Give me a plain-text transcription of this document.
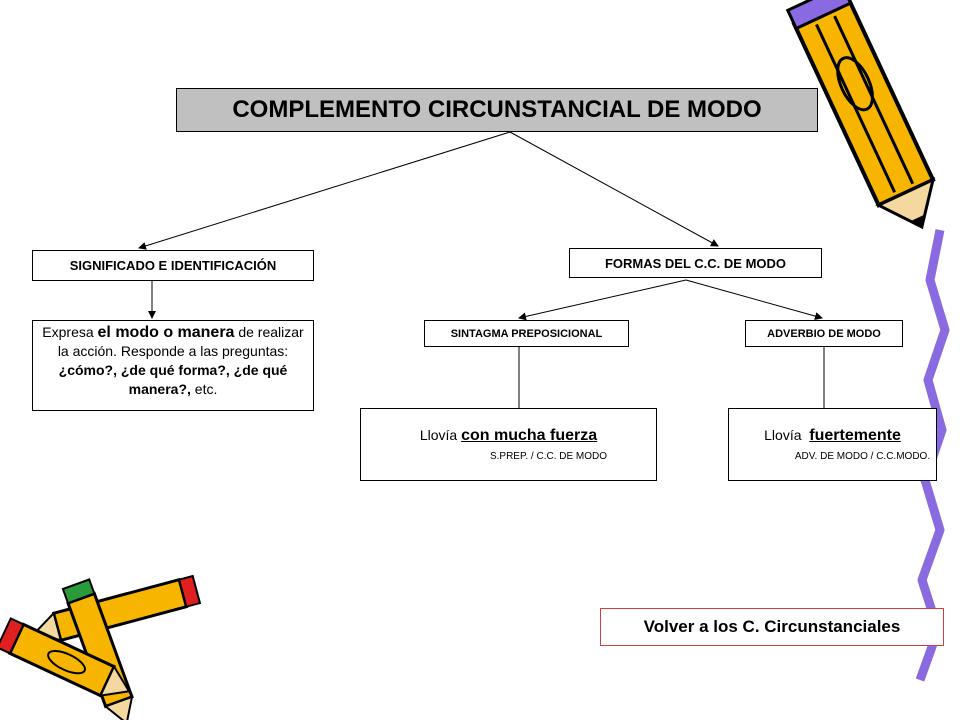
COMPLEMENTO CIRCUNSTANCIAL DE MODO
SIGNIFICADO E IDENTIFICACIÓN	FORMAS DEL C.C. DE MODO
Expresa el modo o manera de realizar la acción. Responde a las preguntas:¿cómo?, ¿de qué forma?, ¿de qué manera?, etc.
SINTAGMA PREPOSICIONAL	ADVERBIO DE MODO
Llovía con mucha fuerza
S.PREP. / C.C. DE MODO
Llovía  fuertemente
ADV. DE MODO / C.C.MODO.
Volver a los C. Circunstanciales
